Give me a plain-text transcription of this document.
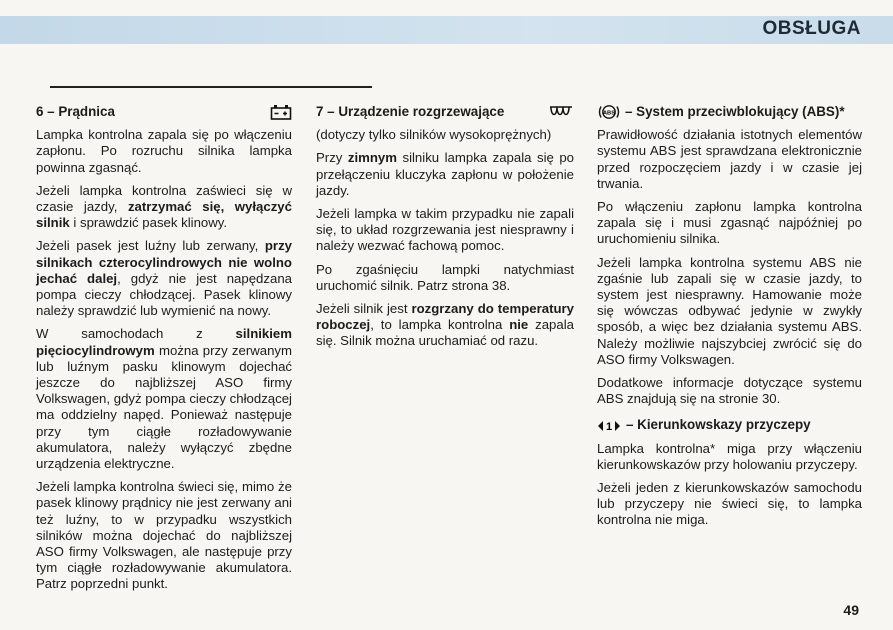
OBSŁUGA
6 – Prądnica

Lampka kontrolna zapala się po włączeniu zapłonu. Po rozruchu silnika lampka powinna zgasnąć.

Jeżeli lampka kontrolna zaświeci się w czasie jazdy, zatrzymać się, wyłączyć silnik i sprawdzić pasek klinowy.

Jeżeli pasek jest luźny lub zerwany, przy silnikach czterocylindrowych nie wolno jechać dalej, gdyż nie jest napędzana pompa cieczy chłodzącej. Pasek klinowy należy sprawdzić lub wymienić na nowy.

W samochodach z silnikiem pięciocylindrowym można przy zerwanym lub luźnym pasku klinowym dojechać jeszcze do najbliższej ASO firmy Volkswagen, gdyż pompa cieczy chłodzącej ma oddzielny napęd. Ponieważ następuje przy tym ciągłe rozładowywanie akumulatora, należy wyłączyć zbędne urządzenia elektryczne.

Jeżeli lampka kontrolna świeci się, mimo że pasek klinowy prądnicy nie jest zerwany ani też luźny, to w przypadku wszystkich silników można dojechać do najbliższej ASO firmy Volkswagen, ale następuje przy tym ciągłe rozładowywanie akumulatora. Patrz poprzedni punkt.

7 – Urządzenie rozgrzewające

(dotyczy tylko silników wysokoprężnych)

Przy zimnym silniku lampka zapala się po przełączeniu kluczyka zapłonu w położenie jazdy.

Jeżeli lampka w takim przypadku nie zapali się, to układ rozgrzewania jest niesprawny i należy wezwać fachową pomoc.

Po zgaśnięciu lampki natychmiast uruchomić silnik. Patrz strona 38.

Jeżeli silnik jest rozgrzany do temperatury roboczej, to lampka kontrolna nie zapala się. Silnik można uruchamiać od razu.

ABS – System przeciwblokujący (ABS)*

Prawidłowość działania istotnych elementów systemu ABS jest sprawdzana elektronicznie przed rozpoczęciem jazdy i w czasie jej trwania.

Po włączeniu zapłonu lampka kontrolna zapala się i musi zgasnąć najpóźniej po uruchomieniu silnika.

Jeżeli lampka kontrolna systemu ABS nie zgaśnie lub zapali się w czasie jazdy, to system jest niesprawny. Hamowanie może się wówczas odbywać jedynie w zwykły sposób, a więc bez działania systemu ABS. Należy możliwie najszybciej zwrócić się do ASO firmy Volkswagen.

Dodatkowe informacje dotyczące systemu ABS znajdują się na stronie 30.

1 – Kierunkowskazy przyczepy

Lampka kontrolna* miga przy włączeniu kierunkowskazów przy holowaniu przyczepy.

Jeżeli jeden z kierunkowskazów samochodu lub przyczepy nie świeci się, to lampka kontrolna nie miga.

49
